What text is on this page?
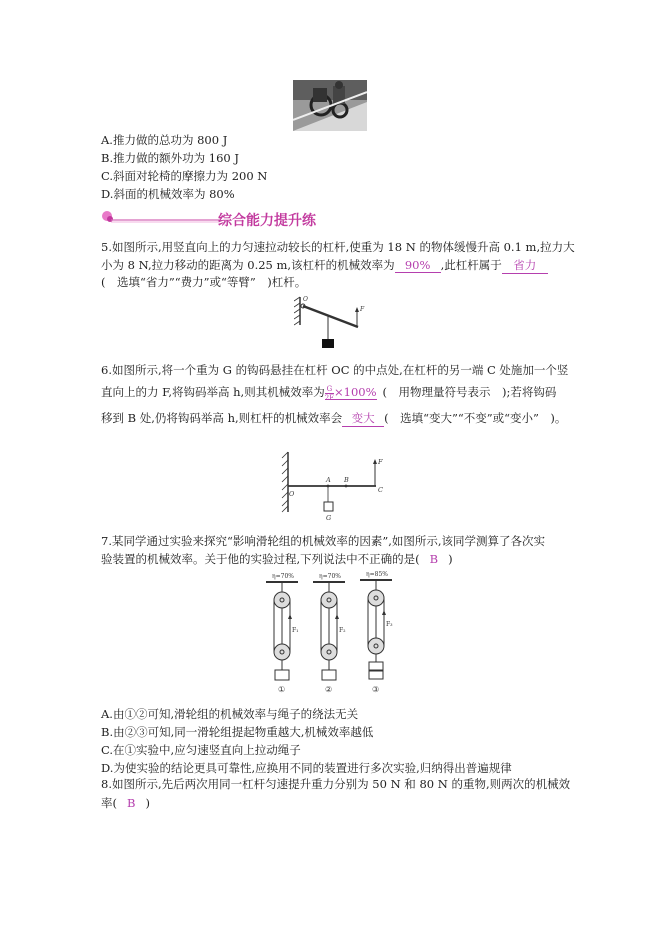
A.推力做的总功为 800 J
B.推力做的额外功为 160 J
C.斜面对轮椅的摩擦力为 200 N
D.斜面的机械效率为 80%
综合能力提升练
5.如图所示,用竖直向上的力匀速拉动较长的杠杆,使重为 18 N 的物体缓慢升高 0.1 m,拉力大
小为 8 N,拉力移动的距离为 0.25 m,该杠杆的机械效率为 90% ,此杠杆属于 省力
(　选填“省力”“费力”或“等臂”　)杠杆。
O
F
6.如图所示,将一个重为 G 的钩码悬挂在杠杆 OC 的中点处,在杠杆的另一端 C 处施加一个竖
直向上的力 F,将钩码举高 h,则其机械效率为 $\frac{G}{2F} \times 100\%$ (　用物理量符号表示　);若将钩码
移到 B 处,仍将钩码举高 h,则杠杆的机械效率会 变大 (　选填“变大”“不变”或“变小”　)。
O
A B
C
F
G
7.某同学通过实验来探究“影响滑轮组的机械效率的因素”,如图所示,该同学测算了各次实
验装置的机械效率。关于他的实验过程,下列说法中不正确的是( B )
η=70%	η=70%	η=85%
F₁	F₂
F₃
①	②	③
A.由①②可知,滑轮组的机械效率与绳子的绕法无关
B.由②③可知,同一滑轮组提起物重越大,机械效率越低
C.在①实验中,应匀速竖直向上拉动绳子
D.为使实验的结论更具可靠性,应换用不同的装置进行多次实验,归纳得出普遍规律
8.如图所示,先后两次用同一杠杆匀速提升重力分别为 50 N 和 80 N 的重物,则两次的机械效
率( B )
